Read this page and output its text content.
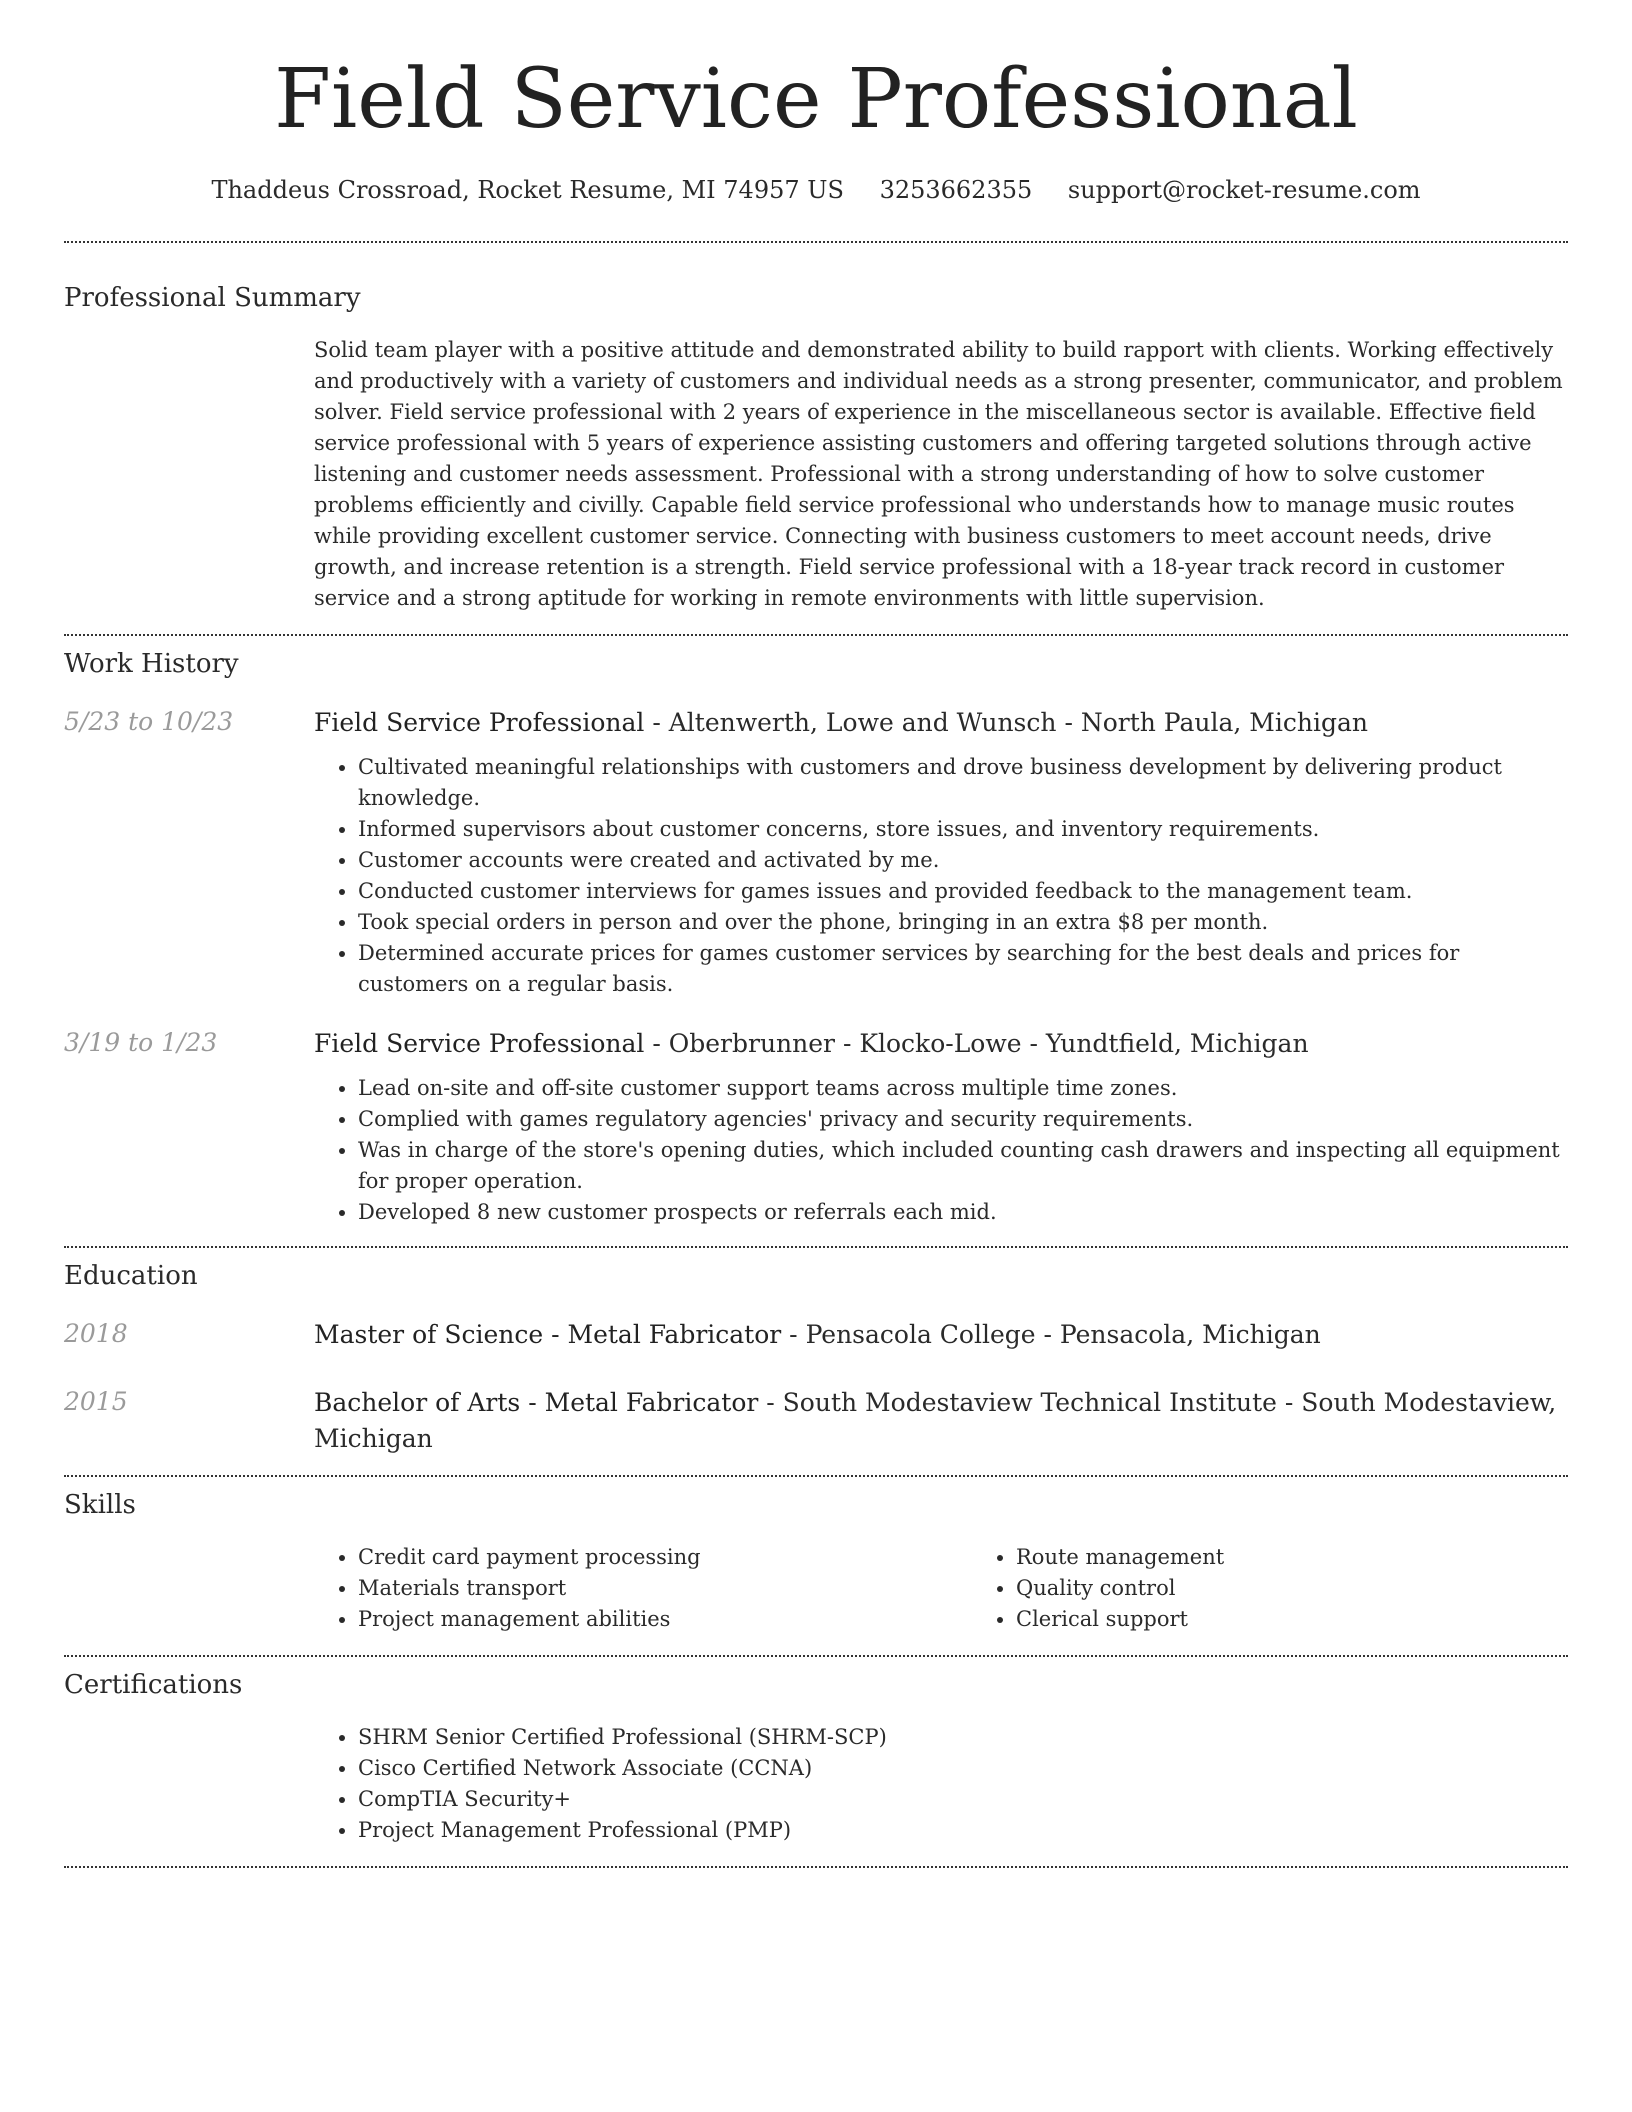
Field Service Professional
Thaddeus Crossroad, Rocket Resume, MI 74957 US 3253662355 support@rocket-resume.com
Professional Summary

Solid team player with a positive attitude and demonstrated ability to build rapport with clients. Working effectively and productively with a variety of customers and individual needs as a strong presenter, communicator, and problem solver. Field service professional with 2 years of experience in the miscellaneous sector is available. Effective field service professional with 5 years of experience assisting customers and offering targeted solutions through active listening and customer needs assessment. Professional with a strong understanding of how to solve customer problems efficiently and civilly. Capable field service professional who understands how to manage music routes while providing excellent customer service. Connecting with business customers to meet account needs, drive growth, and increase retention is a strength. Field service professional with a 18-year track record in customer service and a strong aptitude for working in remote environments with little supervision.

Work History
5/23 to 10/23	Field Service Professional - Altenwerth, Lowe and Wunsch - North Paula, Michigan
• Cultivated meaningful relationships with customers and drove business development by delivering product knowledge.
• Informed supervisors about customer concerns, store issues, and inventory requirements.
• Customer accounts were created and activated by me.
• Conducted customer interviews for games issues and provided feedback to the management team.
• Took special orders in person and over the phone, bringing in an extra $8 per month.
• Determined accurate prices for games customer services by searching for the best deals and prices for customers on a regular basis.
3/19 to 1/23	Field Service Professional - Oberbrunner - Klocko-Lowe - Yundtfield, Michigan
• Lead on-site and off-site customer support teams across multiple time zones.
• Complied with games regulatory agencies' privacy and security requirements.
• Was in charge of the store's opening duties, which included counting cash drawers and inspecting all equipment for proper operation.
• Developed 8 new customer prospects or referrals each mid.
Education
2018	Master of Science - Metal Fabricator - Pensacola College - Pensacola, Michigan
2015	Bachelor of Arts - Metal Fabricator - South Modestaview Technical Institute - South Modestaview, Michigan
Skills
• Credit card payment processing
• Materials transport
• Project management abilities
• Route management
• Quality control
• Clerical support
Certifications
• SHRM Senior Certified Professional (SHRM-SCP)
• Cisco Certified Network Associate (CCNA)
• CompTIA Security+
• Project Management Professional (PMP)
